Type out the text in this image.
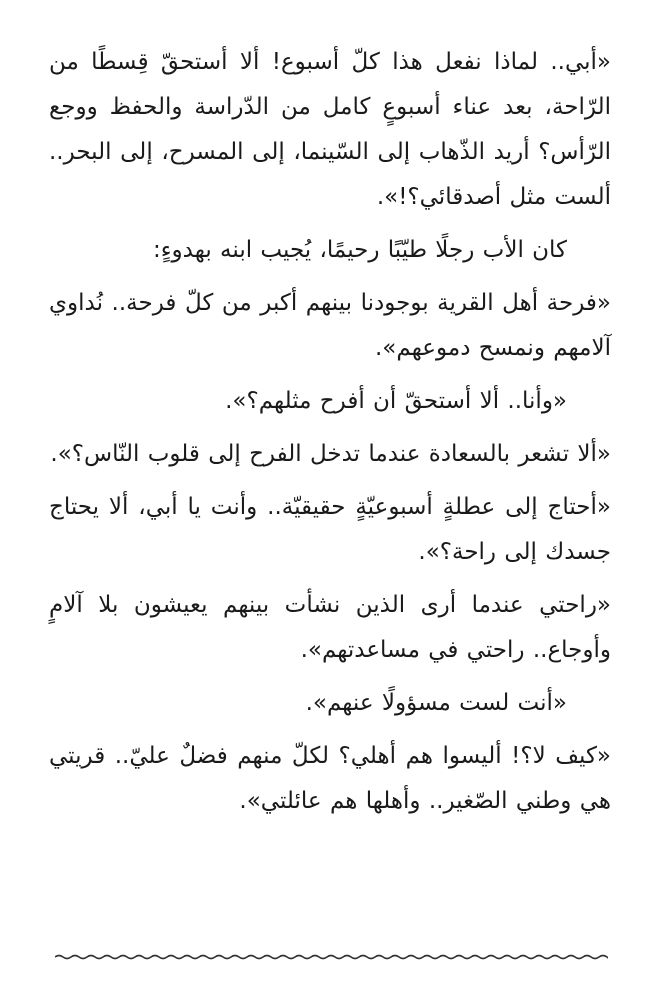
«أبي.. لماذا نفعل هذا كلّ أسبوع! ألا أستحقّ قِسطًا من الرّاحة، بعد عناء أسبوعٍ كامل من الدّراسة والحفظ ووجع الرّأس؟ أريد الذّهاب إلى السّينما، إلى المسرح، إلى البحر.. ألست مثل أصدقائي؟!».

كان الأب رجلًا طيّبًا رحيمًا، يُجيب ابنه بهدوءٍ:

«فرحة أهل القرية بوجودنا بينهم أكبر من كلّ فرحة.. نُداوي آلامهم ونمسح دموعهم».

«وأنا.. ألا أستحقّ أن أفرح مثلهم؟».

«ألا تشعر بالسعادة عندما تدخل الفرح إلى قلوب النّاس؟».

«أحتاج إلى عطلةٍ أسبوعيّةٍ حقيقيّة.. وأنت يا أبي، ألا يحتاج جسدك إلى راحة؟».

«راحتي عندما أرى الذين نشأت بينهم يعيشون بلا آلامٍ وأوجاع.. راحتي في مساعدتهم».

«أنت لست مسؤولًا عنهم».

«كيف لا؟! أليسوا هم أهلي؟ لكلّ منهم فضلٌ عليّ.. قريتي هي وطني الصّغير.. وأهلها هم عائلتي».
